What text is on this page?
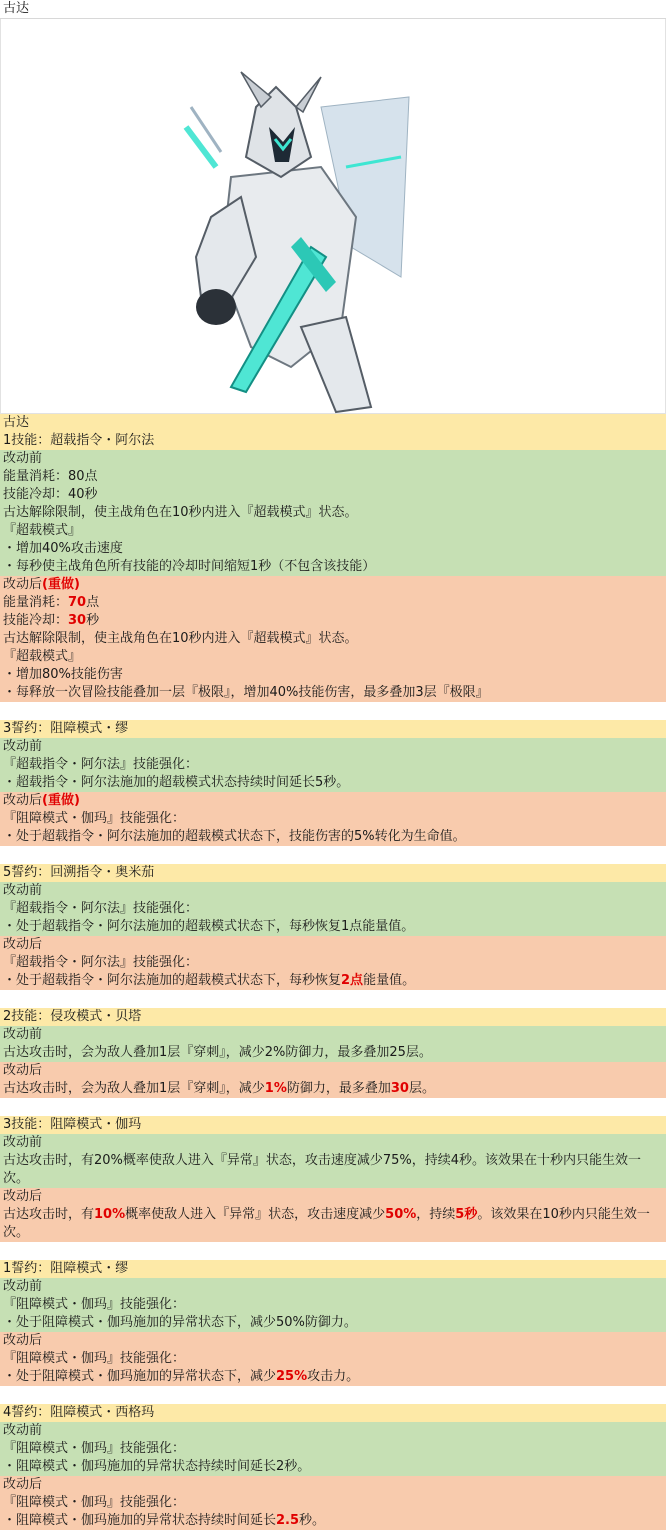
古达
古达
1技能：超载指令・阿尔法
改动前
能量消耗：80点
技能冷却：40秒
古达解除限制，使主战角色在10秒内进入『超载模式』状态。
『超载模式』
・增加40%攻击速度
・每秒使主战角色所有技能的冷却时间缩短1秒（不包含该技能）
改动后(重做)
能量消耗：70点
技能冷却：30秒
古达解除限制，使主战角色在10秒内进入『超载模式』状态。
『超载模式』
・增加80%技能伤害
・每释放一次冒险技能叠加一层『极限』，增加40%技能伤害，最多叠加3层『极限』
3誓约：阻障模式・缪
改动前
『超载指令・阿尔法』技能强化：
・超载指令・阿尔法施加的超载模式状态持续时间延长5秒。
改动后(重做)
『阻障模式・伽玛』技能强化：
・处于超载指令・阿尔法施加的超载模式状态下，技能伤害的5%转化为生命值。
5誓约：回溯指令・奥米茄
改动前
『超载指令・阿尔法』技能强化：
・处于超载指令・阿尔法施加的超载模式状态下，每秒恢复1点能量值。
改动后
『超载指令・阿尔法』技能强化：
・处于超载指令・阿尔法施加的超载模式状态下，每秒恢复2点能量值。
2技能：侵攻模式・贝塔
改动前
古达攻击时，会为敌人叠加1层『穿刺』，减少2%防御力，最多叠加25层。
改动后
古达攻击时，会为敌人叠加1层『穿刺』，减少1%防御力，最多叠加30层。
3技能：阻障模式・伽玛
改动前
古达攻击时，有20%概率使敌人进入『异常』状态，攻击速度减少75%，持续4秒。该效果在十秒内只能生效一次。
改动后
古达攻击时，有10%概率使敌人进入『异常』状态，攻击速度减少50%，持续5秒。该效果在10秒内只能生效一次。
1誓约：阻障模式・缪
改动前
『阻障模式・伽玛』技能强化：
・处于阻障模式・伽玛施加的异常状态下，减少50%防御力。
改动后
『阻障模式・伽玛』技能强化：
・处于阻障模式・伽玛施加的异常状态下，减少25%攻击力。
4誓约：阻障模式・西格玛
改动前
『阻障模式・伽玛』技能强化：
・阻障模式・伽玛施加的异常状态持续时间延长2秒。
改动后
『阻障模式・伽玛』技能强化：
・阻障模式・伽玛施加的异常状态持续时间延长2.5秒。
